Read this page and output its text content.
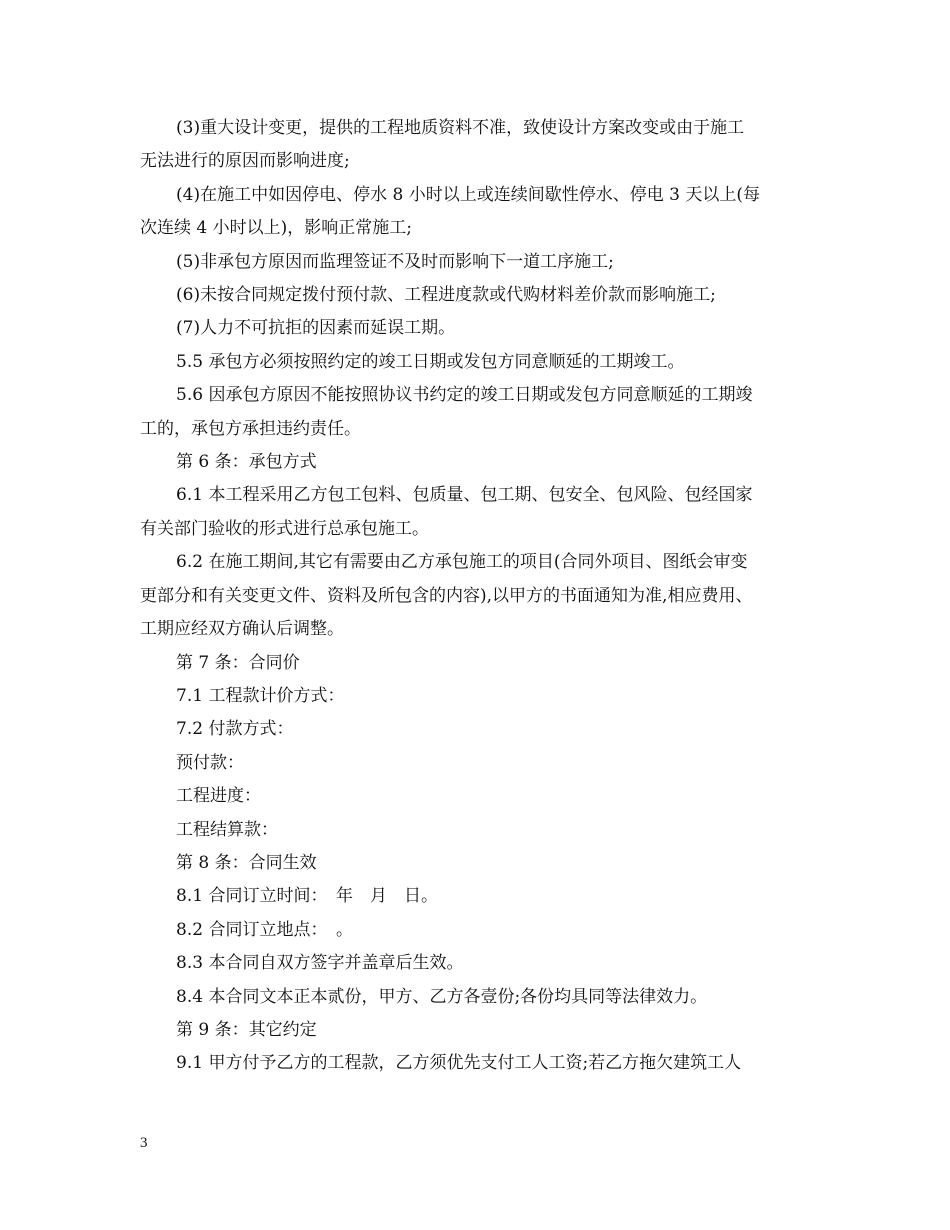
(3)重大设计变更，提供的工程地质资料不准，致使设计方案改变或由于施工

无法进行的原因而影响进度;

(4)在施工中如因停电、停水 8 小时以上或连续间歇性停水、停电 3 天以上(每

次连续 4 小时以上)，影响正常施工;

(5)非承包方原因而监理签证不及时而影响下一道工序施工;

(6)未按合同规定拨付预付款、工程进度款或代购材料差价款而影响施工;

(7)人力不可抗拒的因素而延误工期。

5.5 承包方必须按照约定的竣工日期或发包方同意顺延的工期竣工。

5.6 因承包方原因不能按照协议书约定的竣工日期或发包方同意顺延的工期竣

工的，承包方承担违约责任。

第 6 条：承包方式

6.1 本工程采用乙方包工包料、包质量、包工期、包安全、包风险、包经国家

有关部门验收的形式进行总承包施工。

6.2 在施工期间,其它有需要由乙方承包施工的项目(合同外项目、图纸会审变

更部分和有关变更文件、资料及所包含的内容),以甲方的书面通知为准,相应费用、

工期应经双方确认后调整。

第 7 条：合同价

7.1 工程款计价方式：

7.2 付款方式：

预付款：

工程进度：

工程结算款：

第 8 条：合同生效

8.1 合同订立时间：　年　月　日。

8.2 合同订立地点：　。

8.3 本合同自双方签字并盖章后生效。

8.4 本合同文本正本贰份，甲方、乙方各壹份;各份均具同等法律效力。

第 9 条：其它约定

9.1 甲方付予乙方的工程款，乙方须优先支付工人工资;若乙方拖欠建筑工人

3
